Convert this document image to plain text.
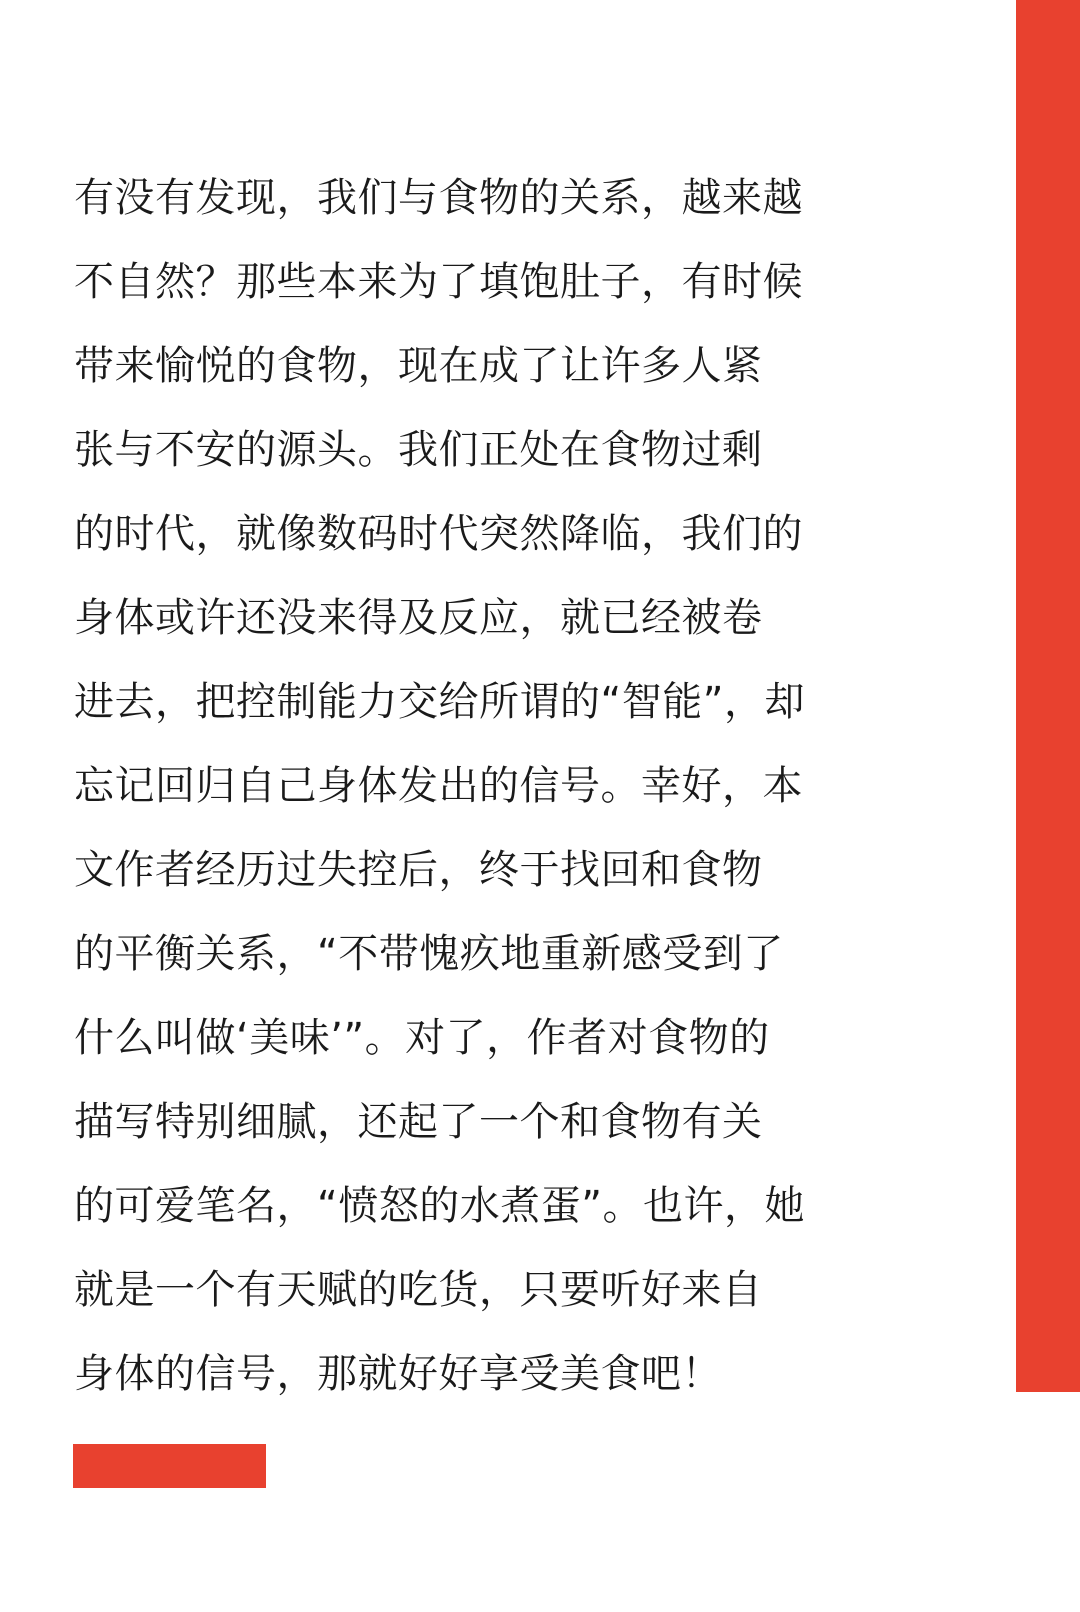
有没有发现，我们与食物的关系，越来越
不自然？那些本来为了填饱肚子，有时候
带来愉悦的食物，现在成了让许多人紧
张与不安的源头。我们正处在食物过剩
的时代，就像数码时代突然降临，我们的
身体或许还没来得及反应，就已经被卷
进去，把控制能力交给所谓的“智能”，却
忘记回归自己身体发出的信号。幸好，本
文作者经历过失控后，终于找回和食物
的平衡关系，“不带愧疚地重新感受到了
什么叫做‘美味’”。对了，作者对食物的
描写特别细腻，还起了一个和食物有关
的可爱笔名，“愤怒的水煮蛋”。也许，她
就是一个有天赋的吃货，只要听好来自
身体的信号，那就好好享受美食吧！
